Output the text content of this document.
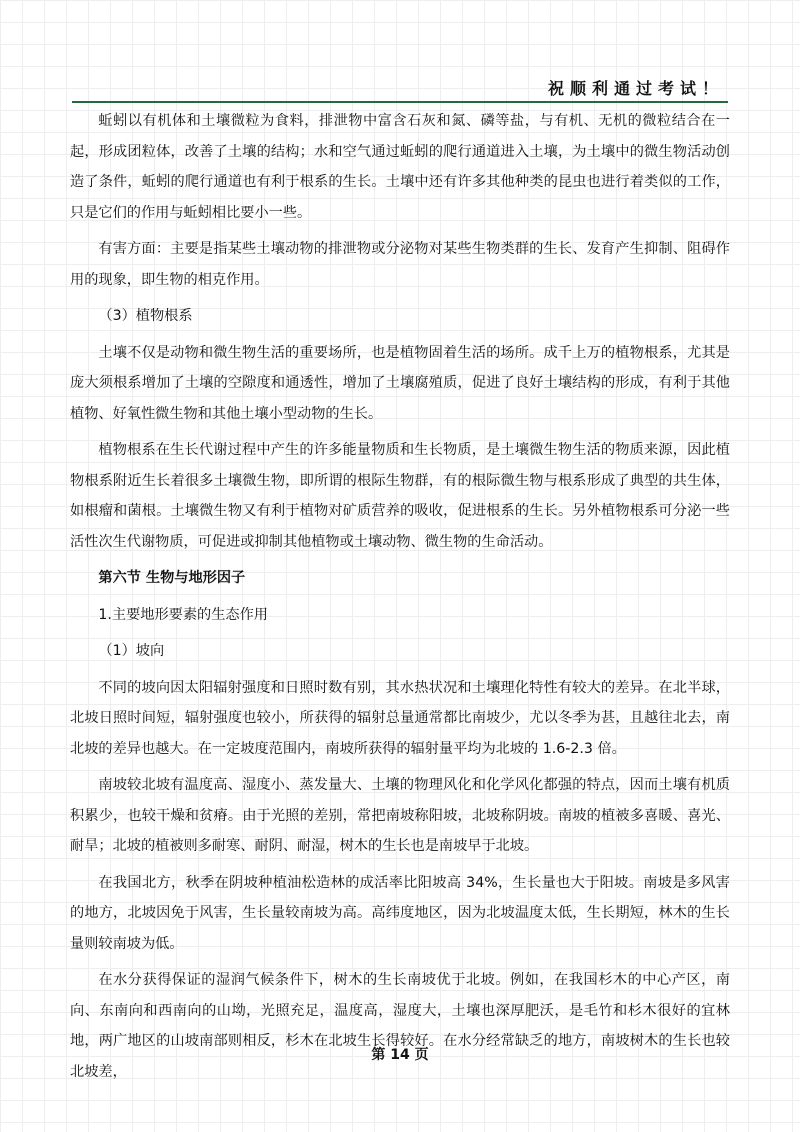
祝顺利通过考试！

蚯蚓以有机体和土壤微粒为食料，排泄物中富含石灰和氮、磷等盐，与有机、无机的微粒结合在一起，形成团粒体，改善了土壤的结构；水和空气通过蚯蚓的爬行通道进入土壤，为土壤中的微生物活动创造了条件，蚯蚓的爬行通道也有利于根系的生长。土壤中还有许多其他种类的昆虫也进行着类似的工作，只是它们的作用与蚯蚓相比要小一些。

有害方面：主要是指某些土壤动物的排泄物或分泌物对某些生物类群的生长、发育产生抑制、阻碍作用的现象，即生物的相克作用。

（3）植物根系

土壤不仅是动物和微生物生活的重要场所，也是植物固着生活的场所。成千上万的植物根系，尤其是庞大须根系增加了土壤的空隙度和通透性，增加了土壤腐殖质，促进了良好土壤结构的形成，有利于其他植物、好氧性微生物和其他土壤小型动物的生长。

植物根系在生长代谢过程中产生的许多能量物质和生长物质，是土壤微生物生活的物质来源，因此植物根系附近生长着很多土壤微生物，即所谓的根际生物群，有的根际微生物与根系形成了典型的共生体，如根瘤和菌根。土壤微生物又有利于植物对矿质营养的吸收，促进根系的生长。另外植物根系可分泌一些活性次生代谢物质，可促进或抑制其他植物或土壤动物、微生物的生命活动。

第六节 生物与地形因子

1.主要地形要素的生态作用

（1）坡向

不同的坡向因太阳辐射强度和日照时数有别，其水热状况和土壤理化特性有较大的差异。在北半球，北坡日照时间短，辐射强度也较小，所获得的辐射总量通常都比南坡少，尤以冬季为甚，且越往北去，南北坡的差异也越大。在一定坡度范围内，南坡所获得的辐射量平均为北坡的 1.6-2.3 倍。

南坡较北坡有温度高、湿度小、蒸发量大、土壤的物理风化和化学风化都强的特点，因而土壤有机质积累少，也较干燥和贫瘠。由于光照的差别，常把南坡称阳坡，北坡称阴坡。南坡的植被多喜暖、喜光、耐旱；北坡的植被则多耐寒、耐阴、耐湿，树木的生长也是南坡早于北坡。

在我国北方，秋季在阴坡种植油松造林的成活率比阳坡高 34%，生长量也大于阳坡。南坡是多风害的地方，北坡因免于风害，生长量较南坡为高。高纬度地区，因为北坡温度太低，生长期短，林木的生长量则较南坡为低。

在水分获得保证的湿润气候条件下，树木的生长南坡优于北坡。例如，在我国杉木的中心产区，南向、东南向和西南向的山坳，光照充足，温度高，湿度大，土壤也深厚肥沃，是毛竹和杉木很好的宜林地，两广地区的山坡南部则相反，杉木在北坡生长得较好。在水分经常缺乏的地方，南坡树木的生长也较北坡差，

第 14 页
